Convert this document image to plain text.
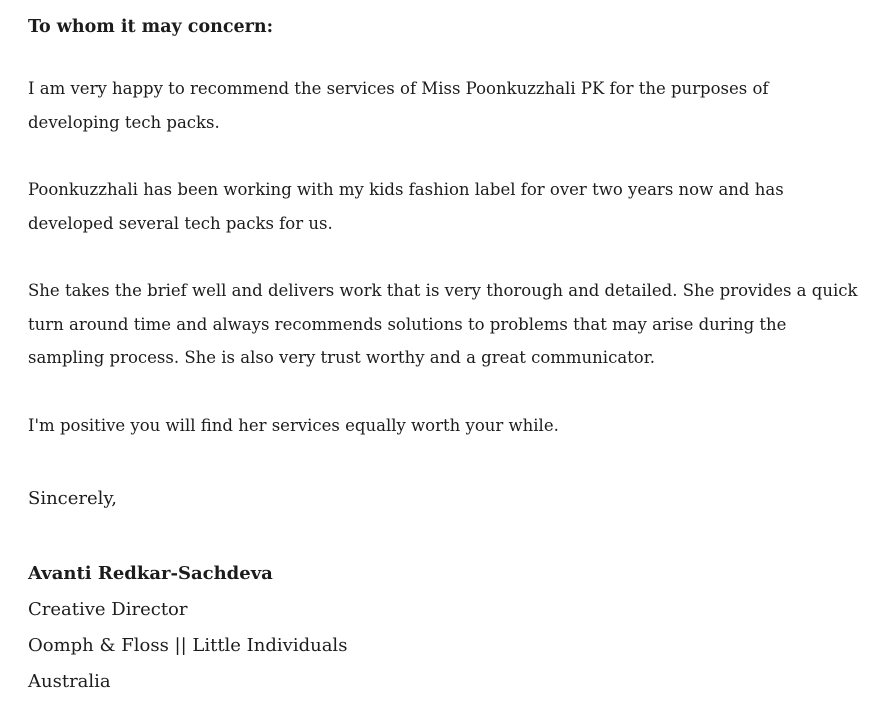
To whom it may concern:

I am very happy to recommend the services of Miss Poonkuzzhali PK for the purposes of developing tech packs.

Poonkuzzhali has been working with my kids fashion label for over two years now and has developed several tech packs for us.

She takes the brief well and delivers work that is very thorough and detailed. She provides a quick turn around time and always recommends solutions to problems that may arise during the sampling process. She is also very trust worthy and a great communicator.

I'm positive you will find her services equally worth your while.

Sincerely,

Avanti Redkar-Sachdeva
Creative Director
Oomph & Floss || Little Individuals
Australia
